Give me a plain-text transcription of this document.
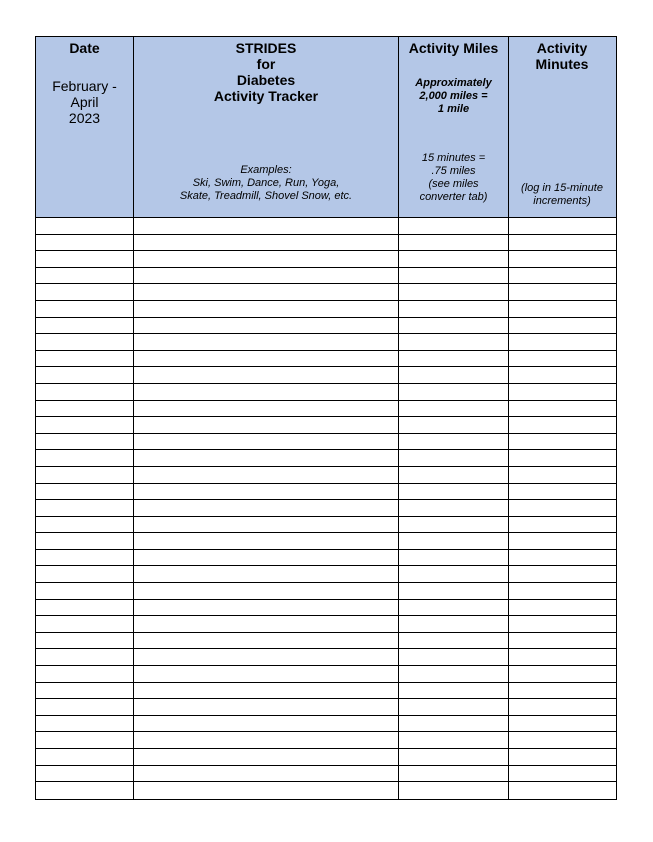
Date
February -
April
2023
STRIDES
for
Diabetes
Activity Tracker
Examples:
Ski, Swim, Dance, Run, Yoga,
Skate, Treadmill, Shovel Snow, etc.
Activity Miles
Approximately
2,000 miles =
1 mile
15 minutes =
.75 miles
(see miles
converter tab)
Activity
Minutes
(log in 15-minute
increments)
